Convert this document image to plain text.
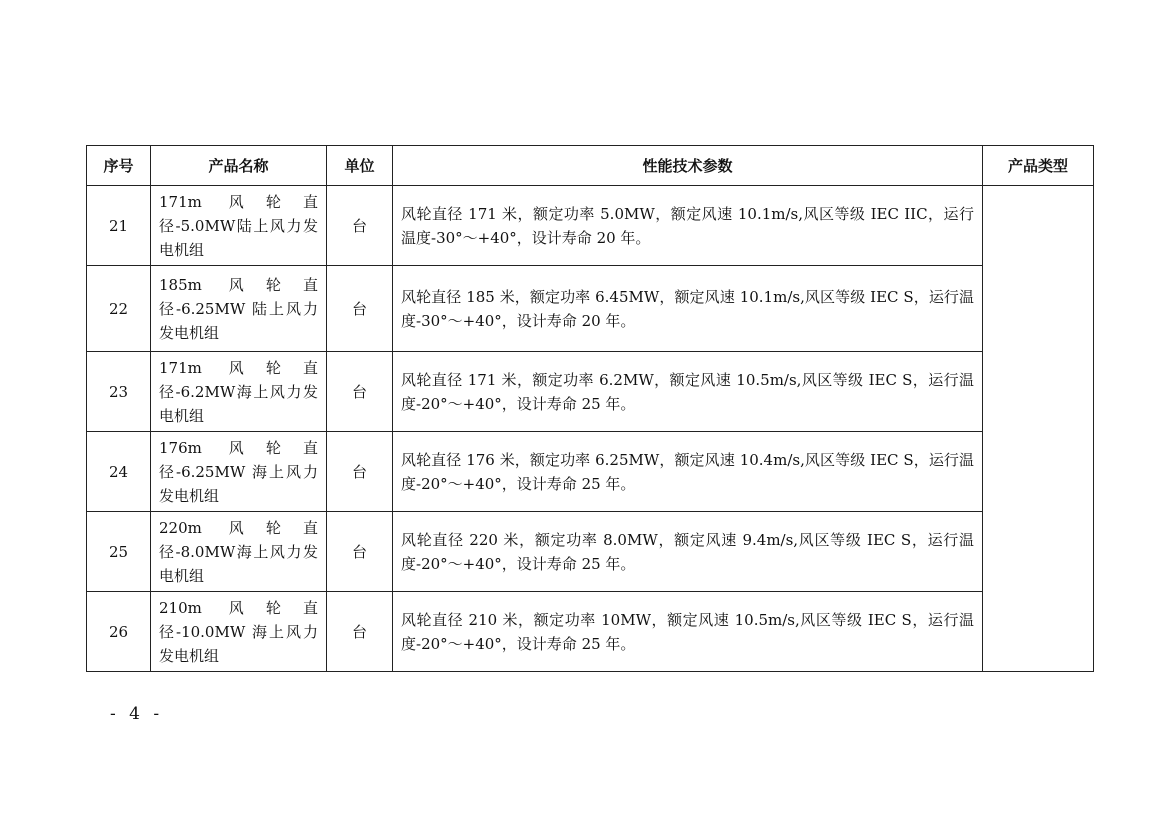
序号	产品名称	单位	性能技术参数	产品类型
21	171m 风轮直径-5.0MW陆上风力发电机组	台	风轮直径 171 米，额定功率 5.0MW，额定风速 10.1m/s,风区等级 IEC IIC，运行温度-30°～+40°，设计寿命 20 年。	
22	185m 风轮直径-6.25MW 陆上风力发电机组	台	风轮直径 185 米，额定功率 6.45MW，额定风速 10.1m/s,风区等级 IEC S，运行温度-30°～+40°，设计寿命 20 年。	
23	171m 风轮直径-6.2MW海上风力发电机组	台	风轮直径 171 米，额定功率 6.2MW，额定风速 10.5m/s,风区等级 IEC S，运行温度-20°～+40°，设计寿命 25 年。	
24	176m 风轮直径-6.25MW 海上风力发电机组	台	风轮直径 176 米，额定功率 6.25MW，额定风速 10.4m/s,风区等级 IEC S，运行温度-20°～+40°，设计寿命 25 年。	
25	220m 风轮直径-8.0MW海上风力发电机组	台	风轮直径 220 米，额定功率 8.0MW，额定风速 9.4m/s,风区等级 IEC S，运行温度-20°～+40°，设计寿命 25 年。	
26	210m 风轮直径-10.0MW 海上风力发电机组	台	风轮直径 210 米，额定功率 10MW，额定风速 10.5m/s,风区等级 IEC S，运行温度-20°～+40°，设计寿命 25 年。	
- 4 -
